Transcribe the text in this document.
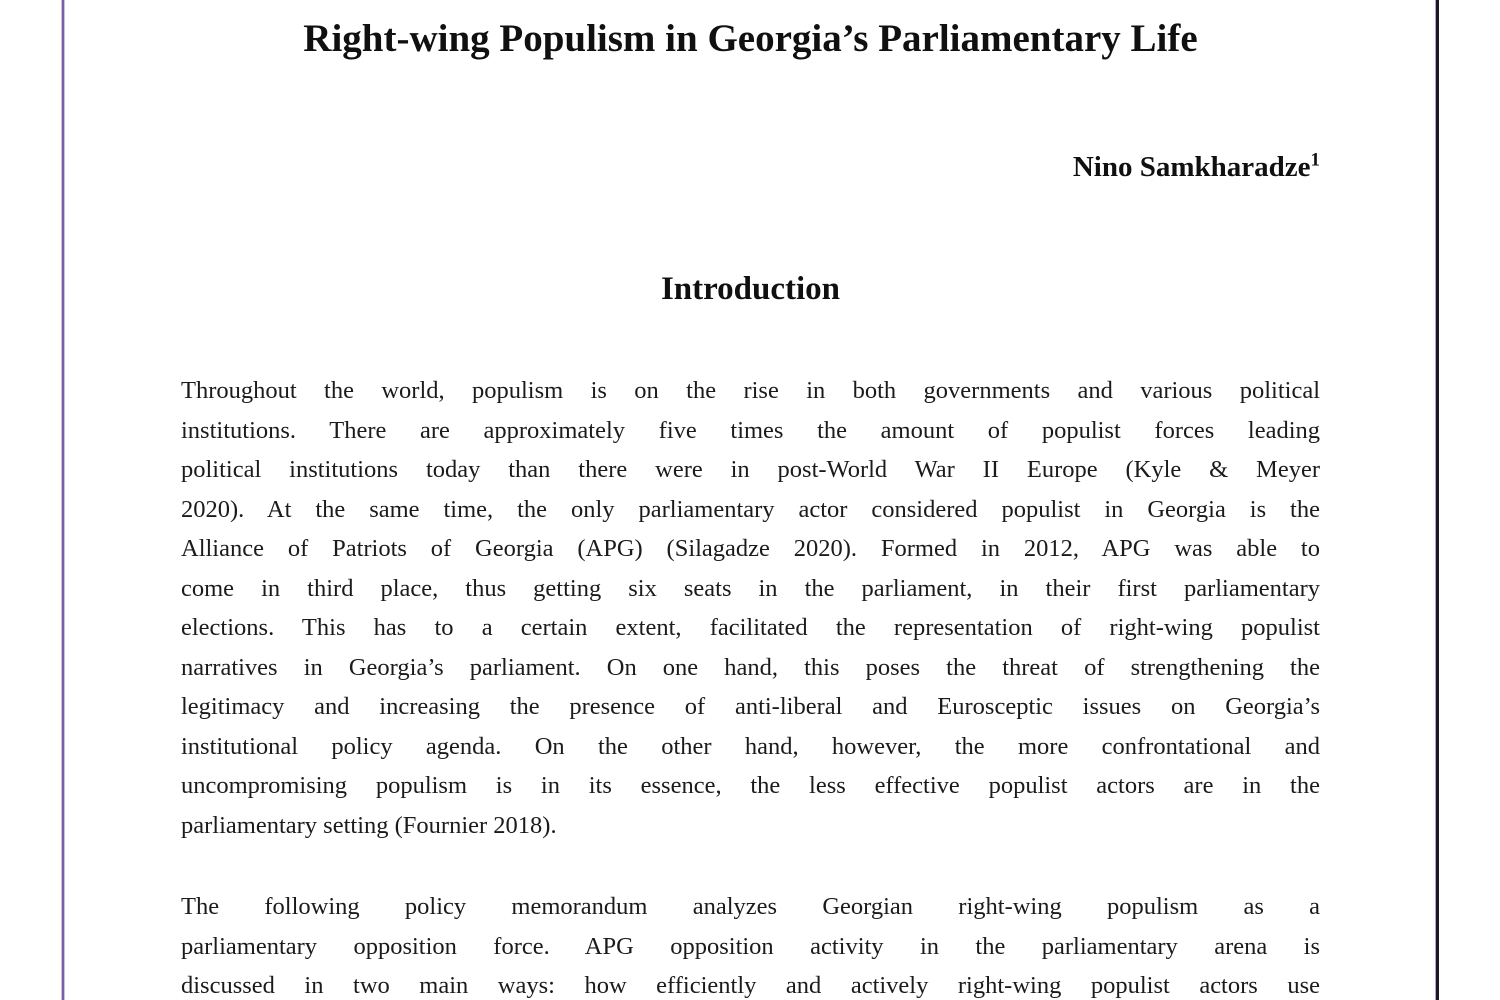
Right-wing Populism in Georgia’s Parliamentary Life
Nino Samkharadze$^1$
Introduction
Throughout the world, populism is on the rise in both governments and various political
institutions. There are approximately five times the amount of populist forces leading
political institutions today than there were in post-World War II Europe (Kyle & Meyer
2020). At the same time, the only parliamentary actor considered populist in Georgia is the
Alliance of Patriots of Georgia (APG) (Silagadze 2020). Formed in 2012, APG was able to
come in third place, thus getting six seats in the parliament, in their first parliamentary
elections. This has to a certain extent, facilitated the representation of right-wing populist
narratives in Georgia’s parliament. On one hand, this poses the threat of strengthening the
legitimacy and increasing the presence of anti-liberal and Eurosceptic issues on Georgia’s
institutional policy agenda. On the other hand, however, the more confrontational and
uncompromising populism is in its essence, the less effective populist actors are in the
parliamentary setting (Fournier 2018).
The following policy memorandum analyzes Georgian right-wing populism as a
parliamentary opposition force. APG opposition activity in the parliamentary arena is
discussed in two main ways: how efficiently and actively right-wing populist actors use
